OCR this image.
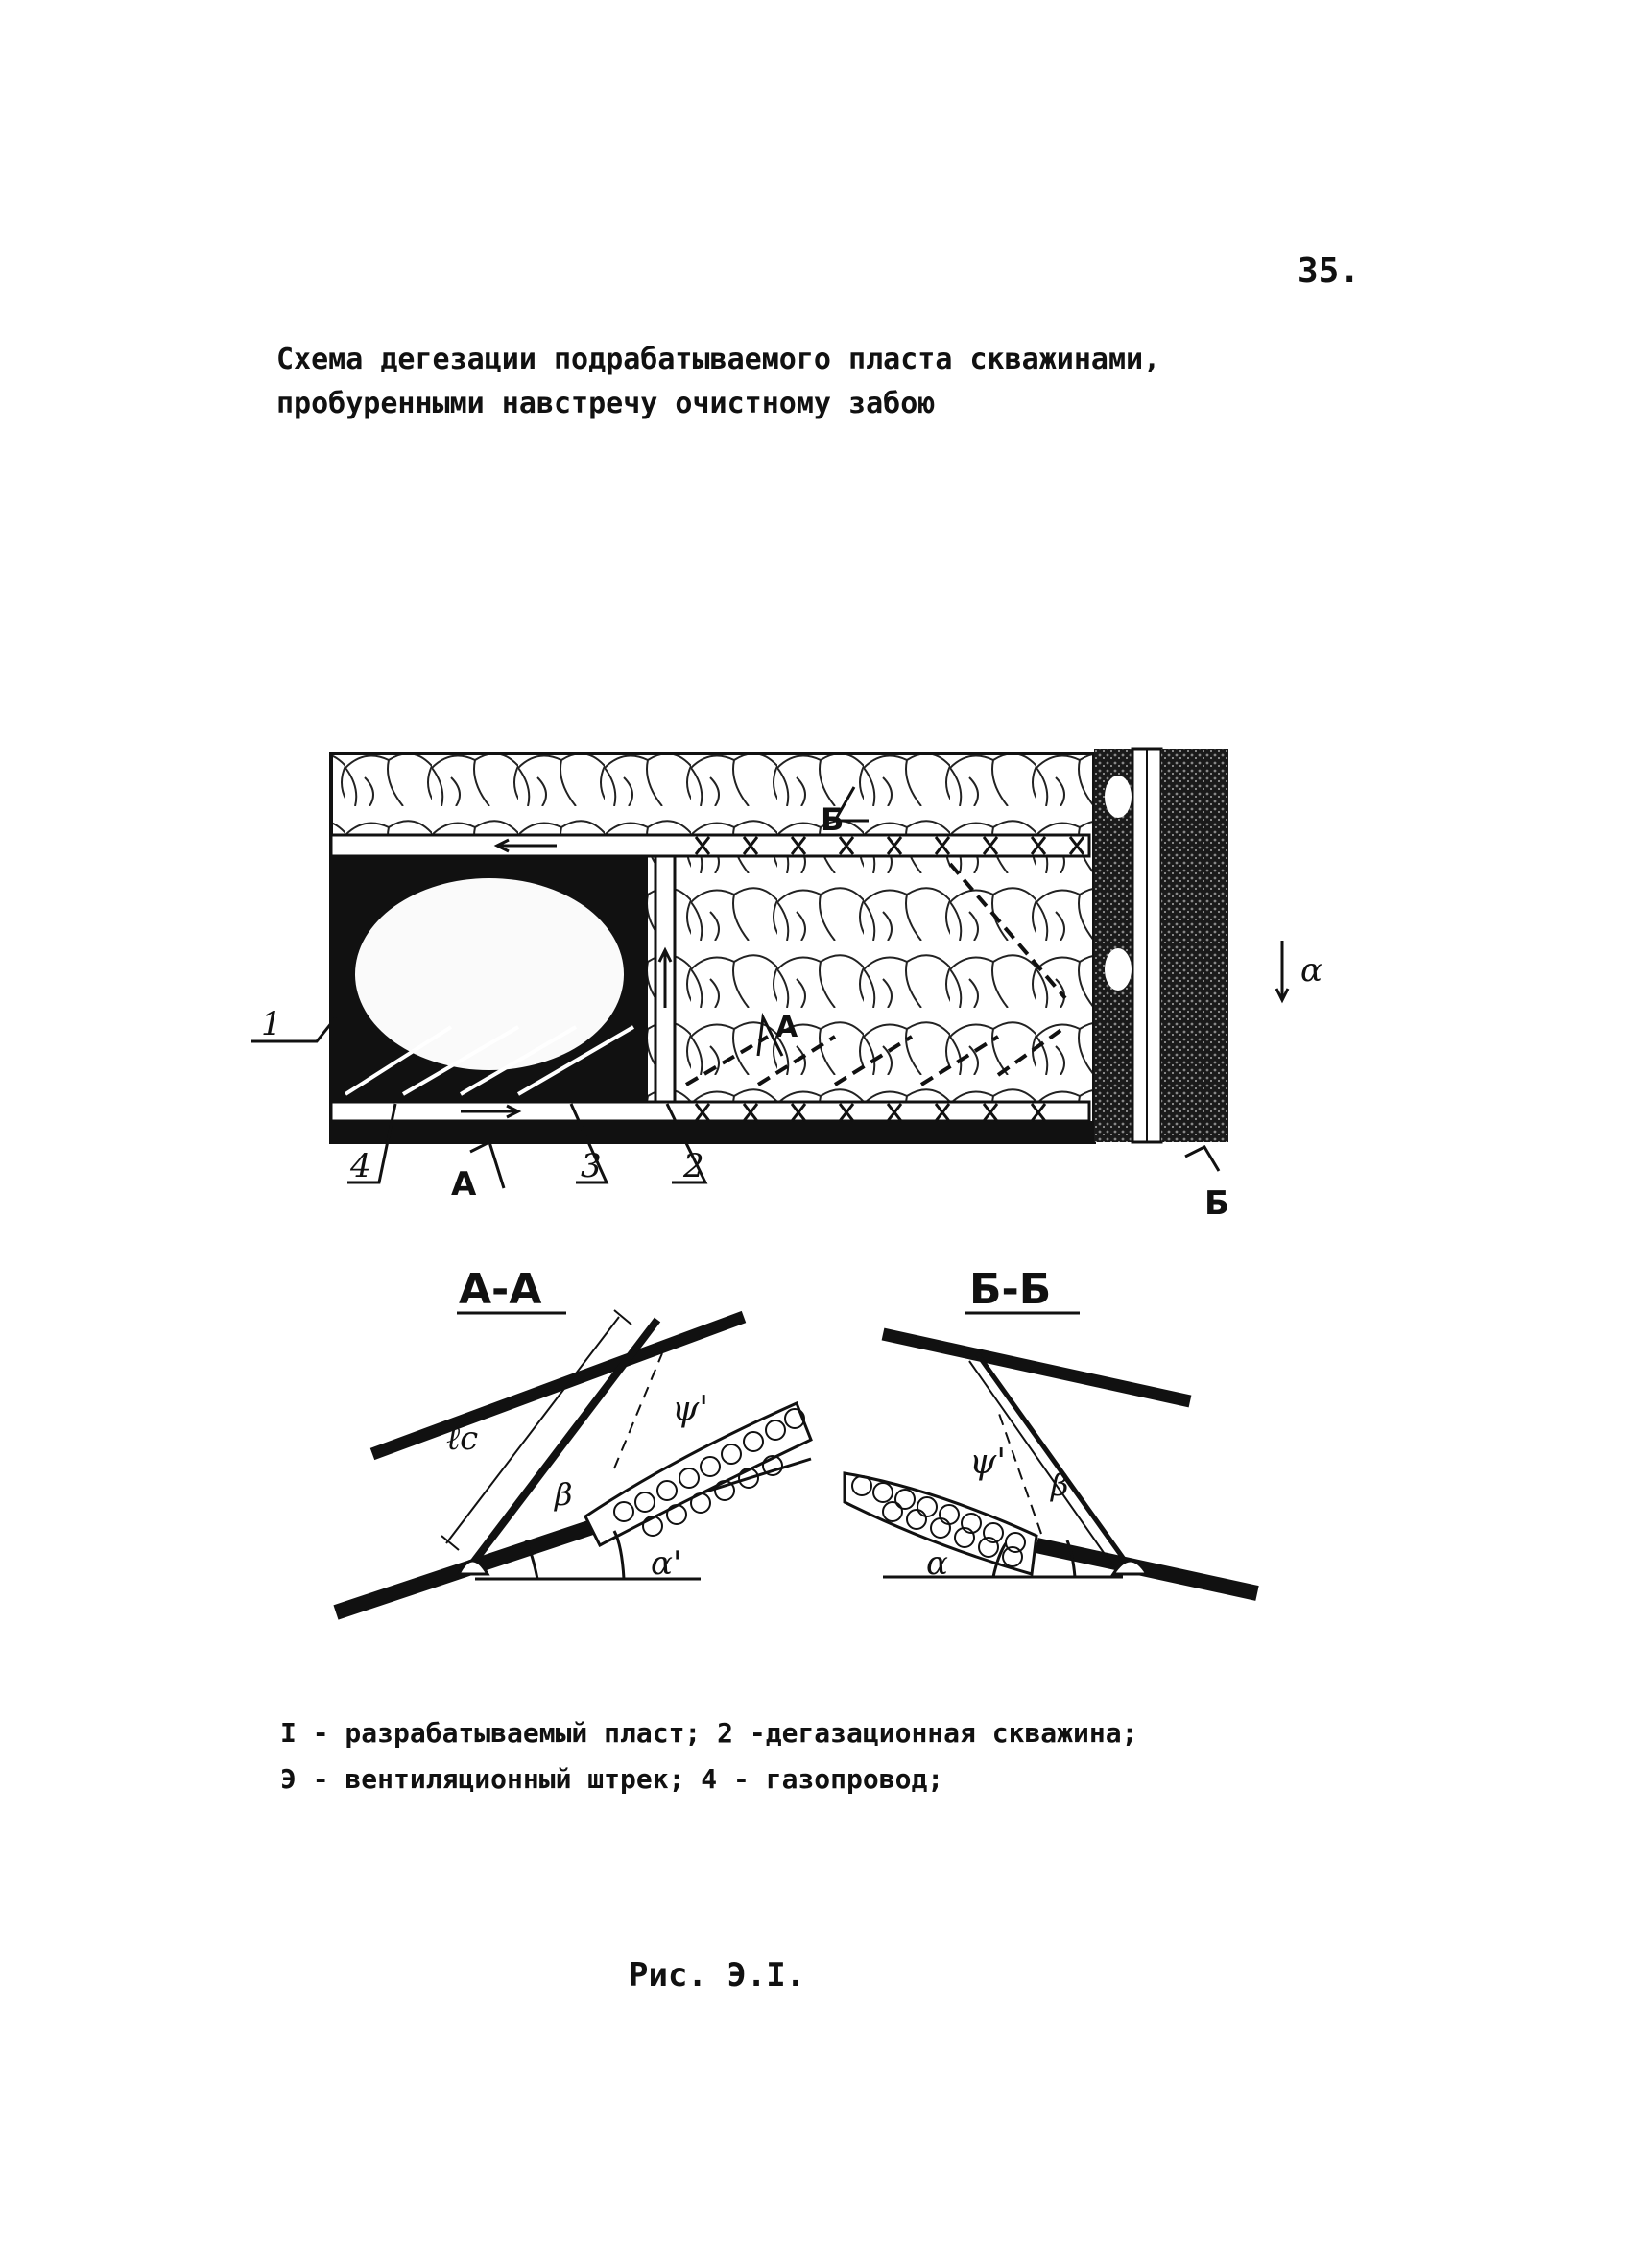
35.
Схема дегезации подрабатываемого пласта скважинами,
пробуренными навстречу очистному забою
1
4	3	2
А
А
Б
Б
α
А-А
ℓc
β
ψ'
α'
Б-Б
ψ'
β
α
I - разрабатываемый пласт; 2 -дегазационная скважина;
Э - вентиляционный штрек; 4 - газопровод;
Рис. Э.I.
